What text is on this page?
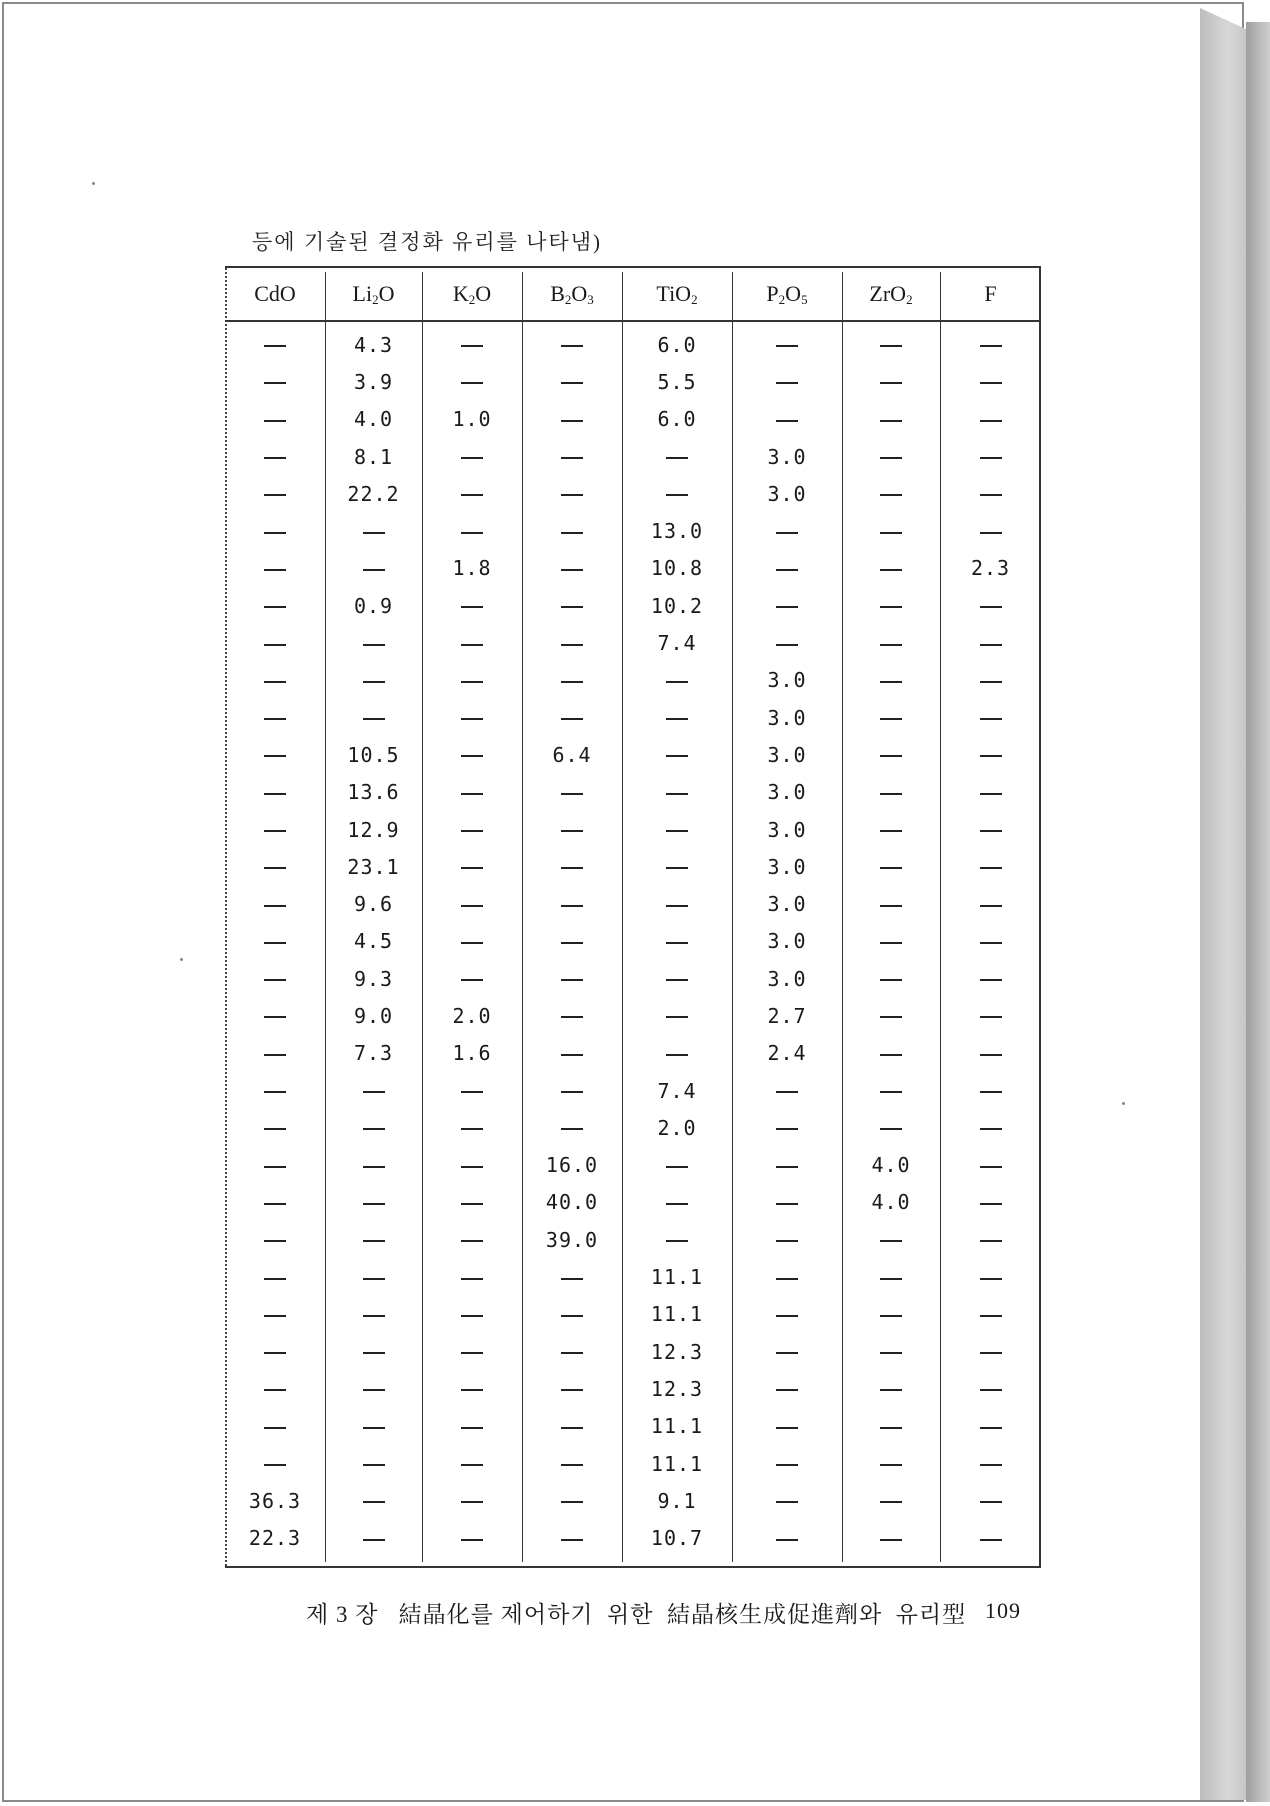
등에 기술된 결정화 유리를 나타냄)
CdO	$Li_2O$	$K_2O$	$B_2O_3$	TiO$_2$	$P_2O_5$	ZrO$_2$	F

	4.3			6.0			
	3.9			5.5			
	4.0	1.0		6.0			
	8.1				3.0		
	22.2				3.0		
				13.0			
		1.8		10.8			2.3
	0.9			10.2			
				7.4			
					3.0		
					3.0		
	10.5		6.4		3.0		
	13.6				3.0		
	12.9				3.0		
	23.1				3.0		
	9.6				3.0		
	4.5				3.0		
	9.3				3.0		
	9.0	2.0			2.7		
	7.3	1.6			2.4		
				7.4			
				2.0			
			16.0			4.0	
			40.0			4.0	
			39.0				
				11.1			
				11.1			
				12.3			
				12.3			
				11.1			
				11.1			
36.3				9.1			
22.3				10.7			
제 3 장   結晶化를 제어하기  위한  結晶核生成促進劑와  유리型 109
